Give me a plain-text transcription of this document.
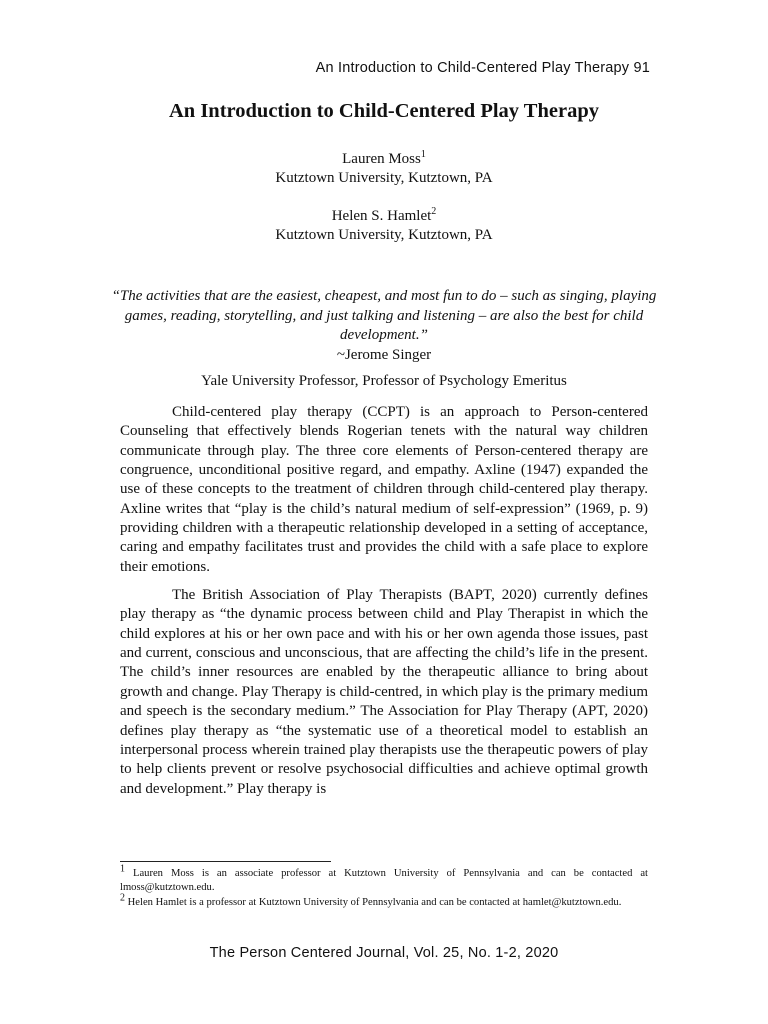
An Introduction to Child-Centered Play Therapy 91
An Introduction to Child-Centered Play Therapy
Lauren Moss$^1$
Kutztown University, Kutztown, PA
Helen S. Hamlet$^2$
Kutztown University, Kutztown, PA
“The activities that are the easiest, cheapest, and most fun to do – such as singing, playing games, reading, storytelling, and just talking and listening – are also the best for child development.”
~Jerome Singer
Yale University Professor, Professor of Psychology Emeritus

Child-centered play therapy (CCPT) is an approach to Person-centered Counseling that effectively blends Rogerian tenets with the natural way children communicate through play. The three core elements of Person-centered therapy are congruence, unconditional positive regard, and empathy. Axline (1947) expanded the use of these concepts to the treatment of children through child-centered play therapy. Axline writes that “play is the child’s natural medium of self-expression” (1969, p. 9) providing children with a therapeutic relationship developed in a setting of acceptance, caring and empathy facilitates trust and provides the child with a safe place to explore their emotions.

The British Association of Play Therapists (BAPT, 2020) currently defines play therapy as “the dynamic process between child and Play Therapist in which the child explores at his or her own pace and with his or her own agenda those issues, past and current, conscious and unconscious, that are affecting the child’s life in the present. The child’s inner resources are enabled by the therapeutic alliance to bring about growth and change. Play Therapy is child-centred, in which play is the primary medium and speech is the secondary medium.” The Association for Play Therapy (APT, 2020) defines play therapy as “the systematic use of a theoretical model to establish an interpersonal process wherein trained play therapists use the therapeutic powers of play to help clients prevent or resolve psychosocial difficulties and achieve optimal growth and development.” Play therapy is

$^1$ Lauren Moss is an associate professor at Kutztown University of Pennsylvania and can be contacted at lmoss@kutztown.edu.

$^2$ Helen Hamlet is a professor at Kutztown University of Pennsylvania and can be contacted at hamlet@kutztown.edu.

The Person Centered Journal, Vol. 25, No. 1-2, 2020
